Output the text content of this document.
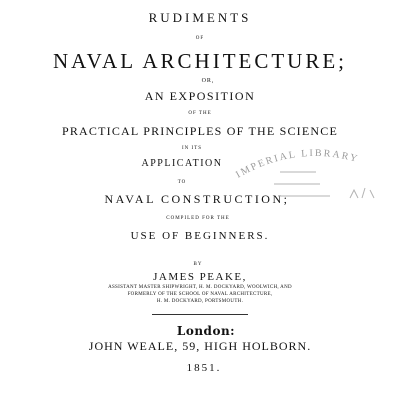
RUDIMENTS
OF
NAVAL ARCHITECTURE;
OR,
AN EXPOSITION
OF THE
PRACTICAL PRINCIPLES OF THE SCIENCE
IN ITS
APPLICATION
TO
NAVAL CONSTRUCTION;
COMPILED FOR THE
USE OF BEGINNERS.
BY
JAMES PEAKE,
ASSISTANT MASTER SHIPWRIGHT, H. M. DOCKYARD, WOOLWICH, AND
FORMERLY OF THE SCHOOL OF NAVAL ARCHITECTURE,
H. M. DOCKYARD, PORTSMOUTH.
London:
JOHN WEALE, 59, HIGH HOLBORN.
1851.
IMPERIAL LIBRARY
